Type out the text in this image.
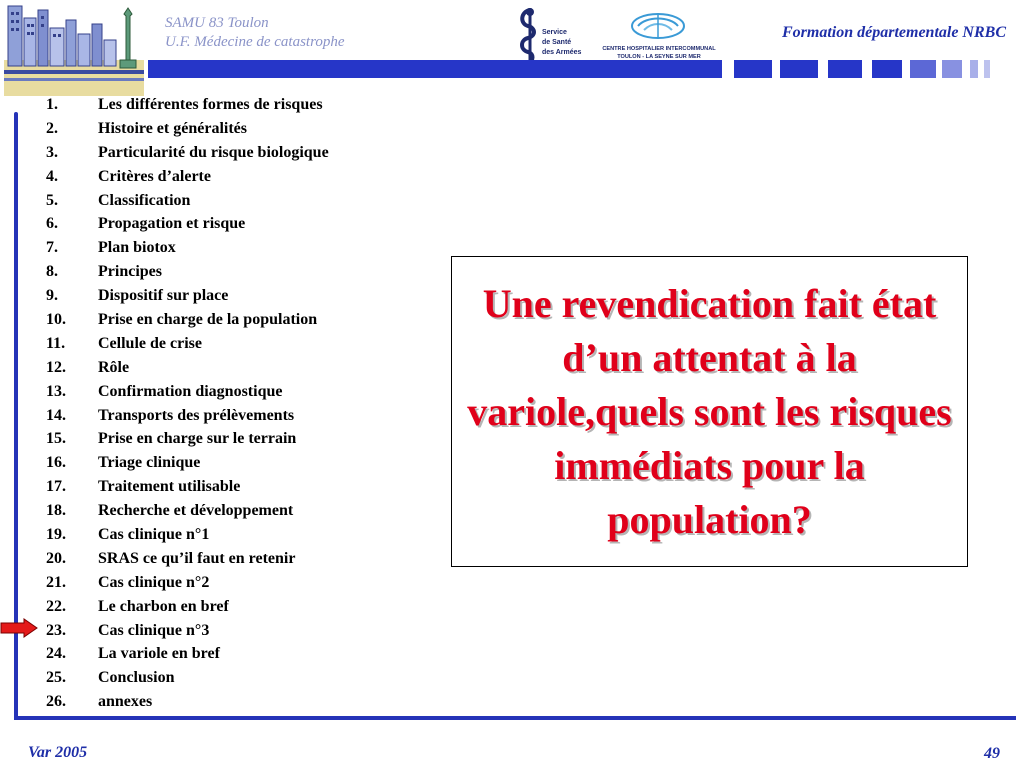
SAMU 83 Toulon
U.F. Médecine de catastrophe
Service
de Santé
des Armées	CENTRE HOSPITALIER INTERCOMMUNAL
TOULON - LA SEYNE SUR MER
Formation départementale NRBC
1.	Les différentes formes de risques
2.	Histoire et généralités
3.	Particularité du risque biologique
4.	Critères d’alerte
5.	Classification
6.	Propagation et risque
7.	Plan biotox
8.	Principes
9.	Dispositif sur place
10. Prise en charge de la population
11. Cellule de crise
12. Rôle
13. Confirmation diagnostique
14. Transports des prélèvements
15. Prise en charge sur le terrain
16. Triage clinique
17. Traitement utilisable
18. Recherche et développement
19. Cas clinique n°1
20. SRAS ce qu’il faut en retenir
21. Cas clinique n°2
22. Le charbon en bref
23. Cas clinique n°3
24. La variole en bref
25. Conclusion
26. annexes
Une revendication fait état d’un attentat à la variole,quels sont les risques immédiats pour la population?
Var 2005	49
